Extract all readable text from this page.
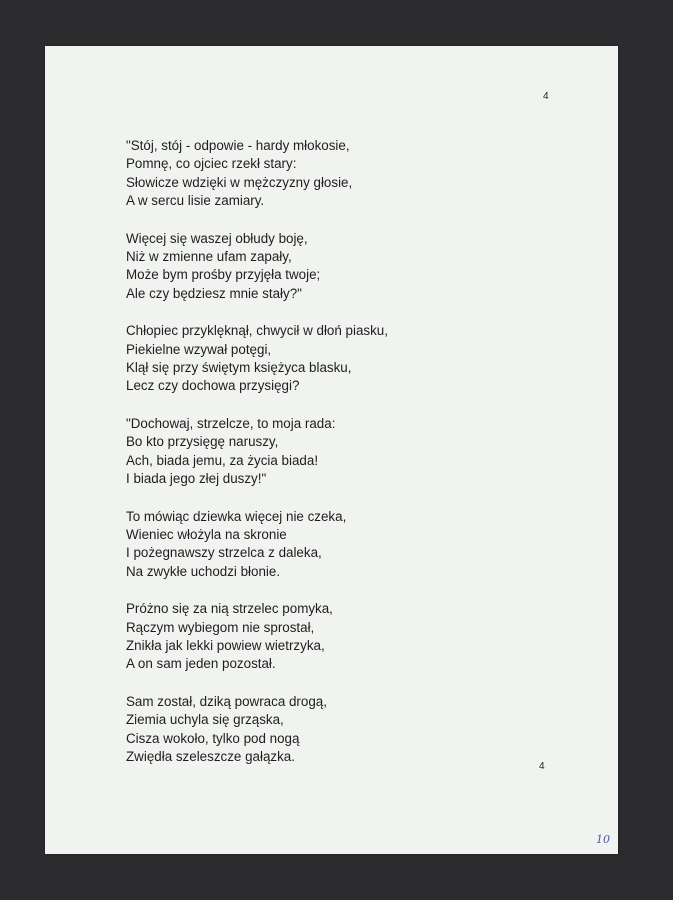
4
"Stój, stój - odpowie - hardy młokosie,
Pomnę, co ojciec rzekł stary:
Słowicze wdzięki w mężczyzny głosie,
A w sercu lisie zamiary.
Więcej się waszej obłudy boję,
Niż w zmienne ufam zapały,
Może bym prośby przyjęła twoje;
Ale czy będziesz mnie stały?"
Chłopiec przyklęknął, chwycił w dłoń piasku,
Piekielne wzywał potęgi,
Klął się przy świętym księżyca blasku,
Lecz czy dochowa przysięgi?
"Dochowaj, strzelcze, to moja rada:
Bo kto przysięgę naruszy,
Ach, biada jemu, za życia biada!
I biada jego złej duszy!"
To mówiąc dziewka więcej nie czeka,
Wieniec włożyla na skronie
I pożegnawszy strzelca z daleka,
Na zwykłe uchodzi błonie.
Próżno się za nią strzelec pomyka,
Rączym wybiegom nie sprostał,
Znikła jak lekki powiew wietrzyka,
A on sam jeden pozostał.
Sam został, dziką powraca drogą,
Ziemia uchyla się grząska,
Cisza wokoło, tylko pod nogą
Zwiędła szeleszcze gałązka.
4
10
